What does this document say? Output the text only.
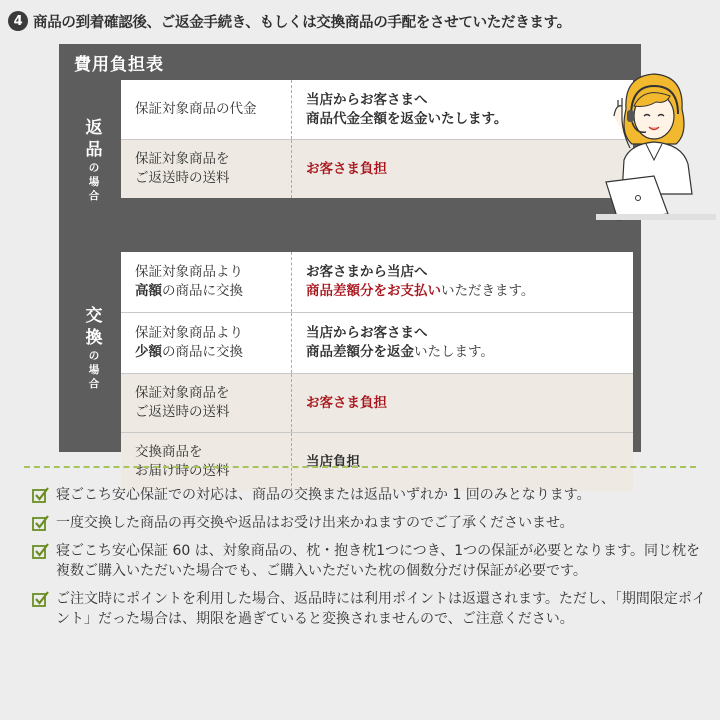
4 商品の到着確認後、ご返金手続き、もしくは交換商品の手配をさせていただきます。
費用負担表
返
品
の
場
合
保証対象商品の代金
当店からお客さまへ
商品代金全額を返金いたします。
保証対象商品を
ご返送時の送料
お客さま負担
交
換
の
場
合
保証対象商品より
高額の商品に交換
お客さまから当店へ
商品差額分をお支払いいただきます。
保証対象商品より
少額の商品に交換
当店からお客さまへ
商品差額分を返金いたします。
保証対象商品を
ご返送時の送料
お客さま負担
交換商品を
お届け時の送料
当店負担
寝ごこち安心保証での対応は、商品の交換または返品いずれか 1 回のみとなります。
一度交換した商品の再交換や返品はお受け出来かねますのでご了承くださいませ。
寝ごこち安心保証 60 は、対象商品の、枕・抱き枕1つにつき、1つの保証が必要となります。同じ枕を複数ご購入いただいた場合でも、ご購入いただいた枕の個数分だけ保証が必要です。
ご注文時にポイントを利用した場合、返品時には利用ポイントは返還されます。ただし、「期間限定ポイント」だった場合は、期限を過ぎていると変換されませんので、ご注意ください。
